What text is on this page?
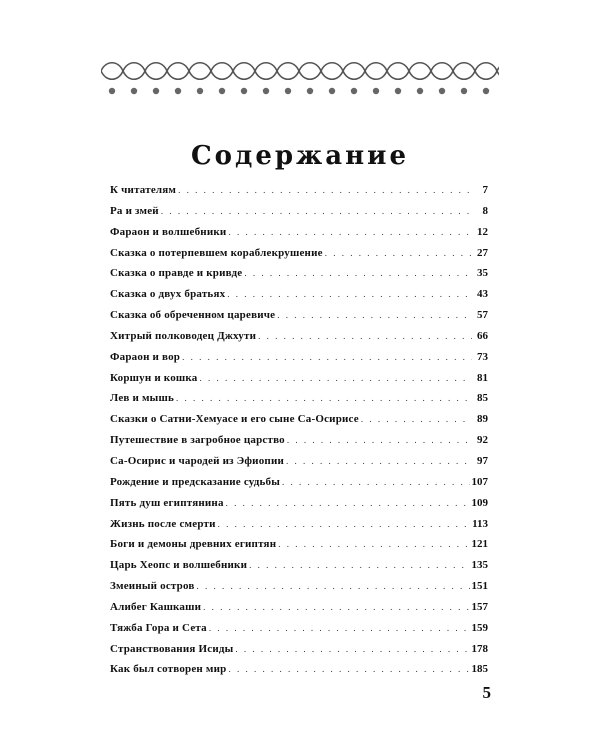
Содержание
К читателям . . .	7
Ра и змей . . .	8
Фараон и волшебники . . .	12
Сказка о потерпевшем кораблекрушение . . .	27
Сказка о правде и кривде . . .	35
Сказка о двух братьях . . .	43
Сказка об обреченном царевиче . . .	57
Хитрый полководец Джхути . . .	66
Фараон и вор . . .	73
Коршун и кошка . . .	81
Лев и мышь . . .	85
Сказки о Сатни-Хемуасе и его сыне Са-Осирисе . . .	89
Путешествие в загробное царство . . .	92
Са-Осирис и чародей из Эфиопии . . .	97
Рождение и предсказание судьбы . . .	107
Пять душ египтянина . . .	109
Жизнь после смерти . . .	113
Боги и демоны древних египтян . . .	121
Царь Хеопс и волшебники . . .	135
Змеиный остров . . .	151
Алибег Кашкаши . . .	157
Тяжба Гора и Сета . . .	159
Странствования Исиды . . .	178
Как был сотворен мир . . .	185
5
